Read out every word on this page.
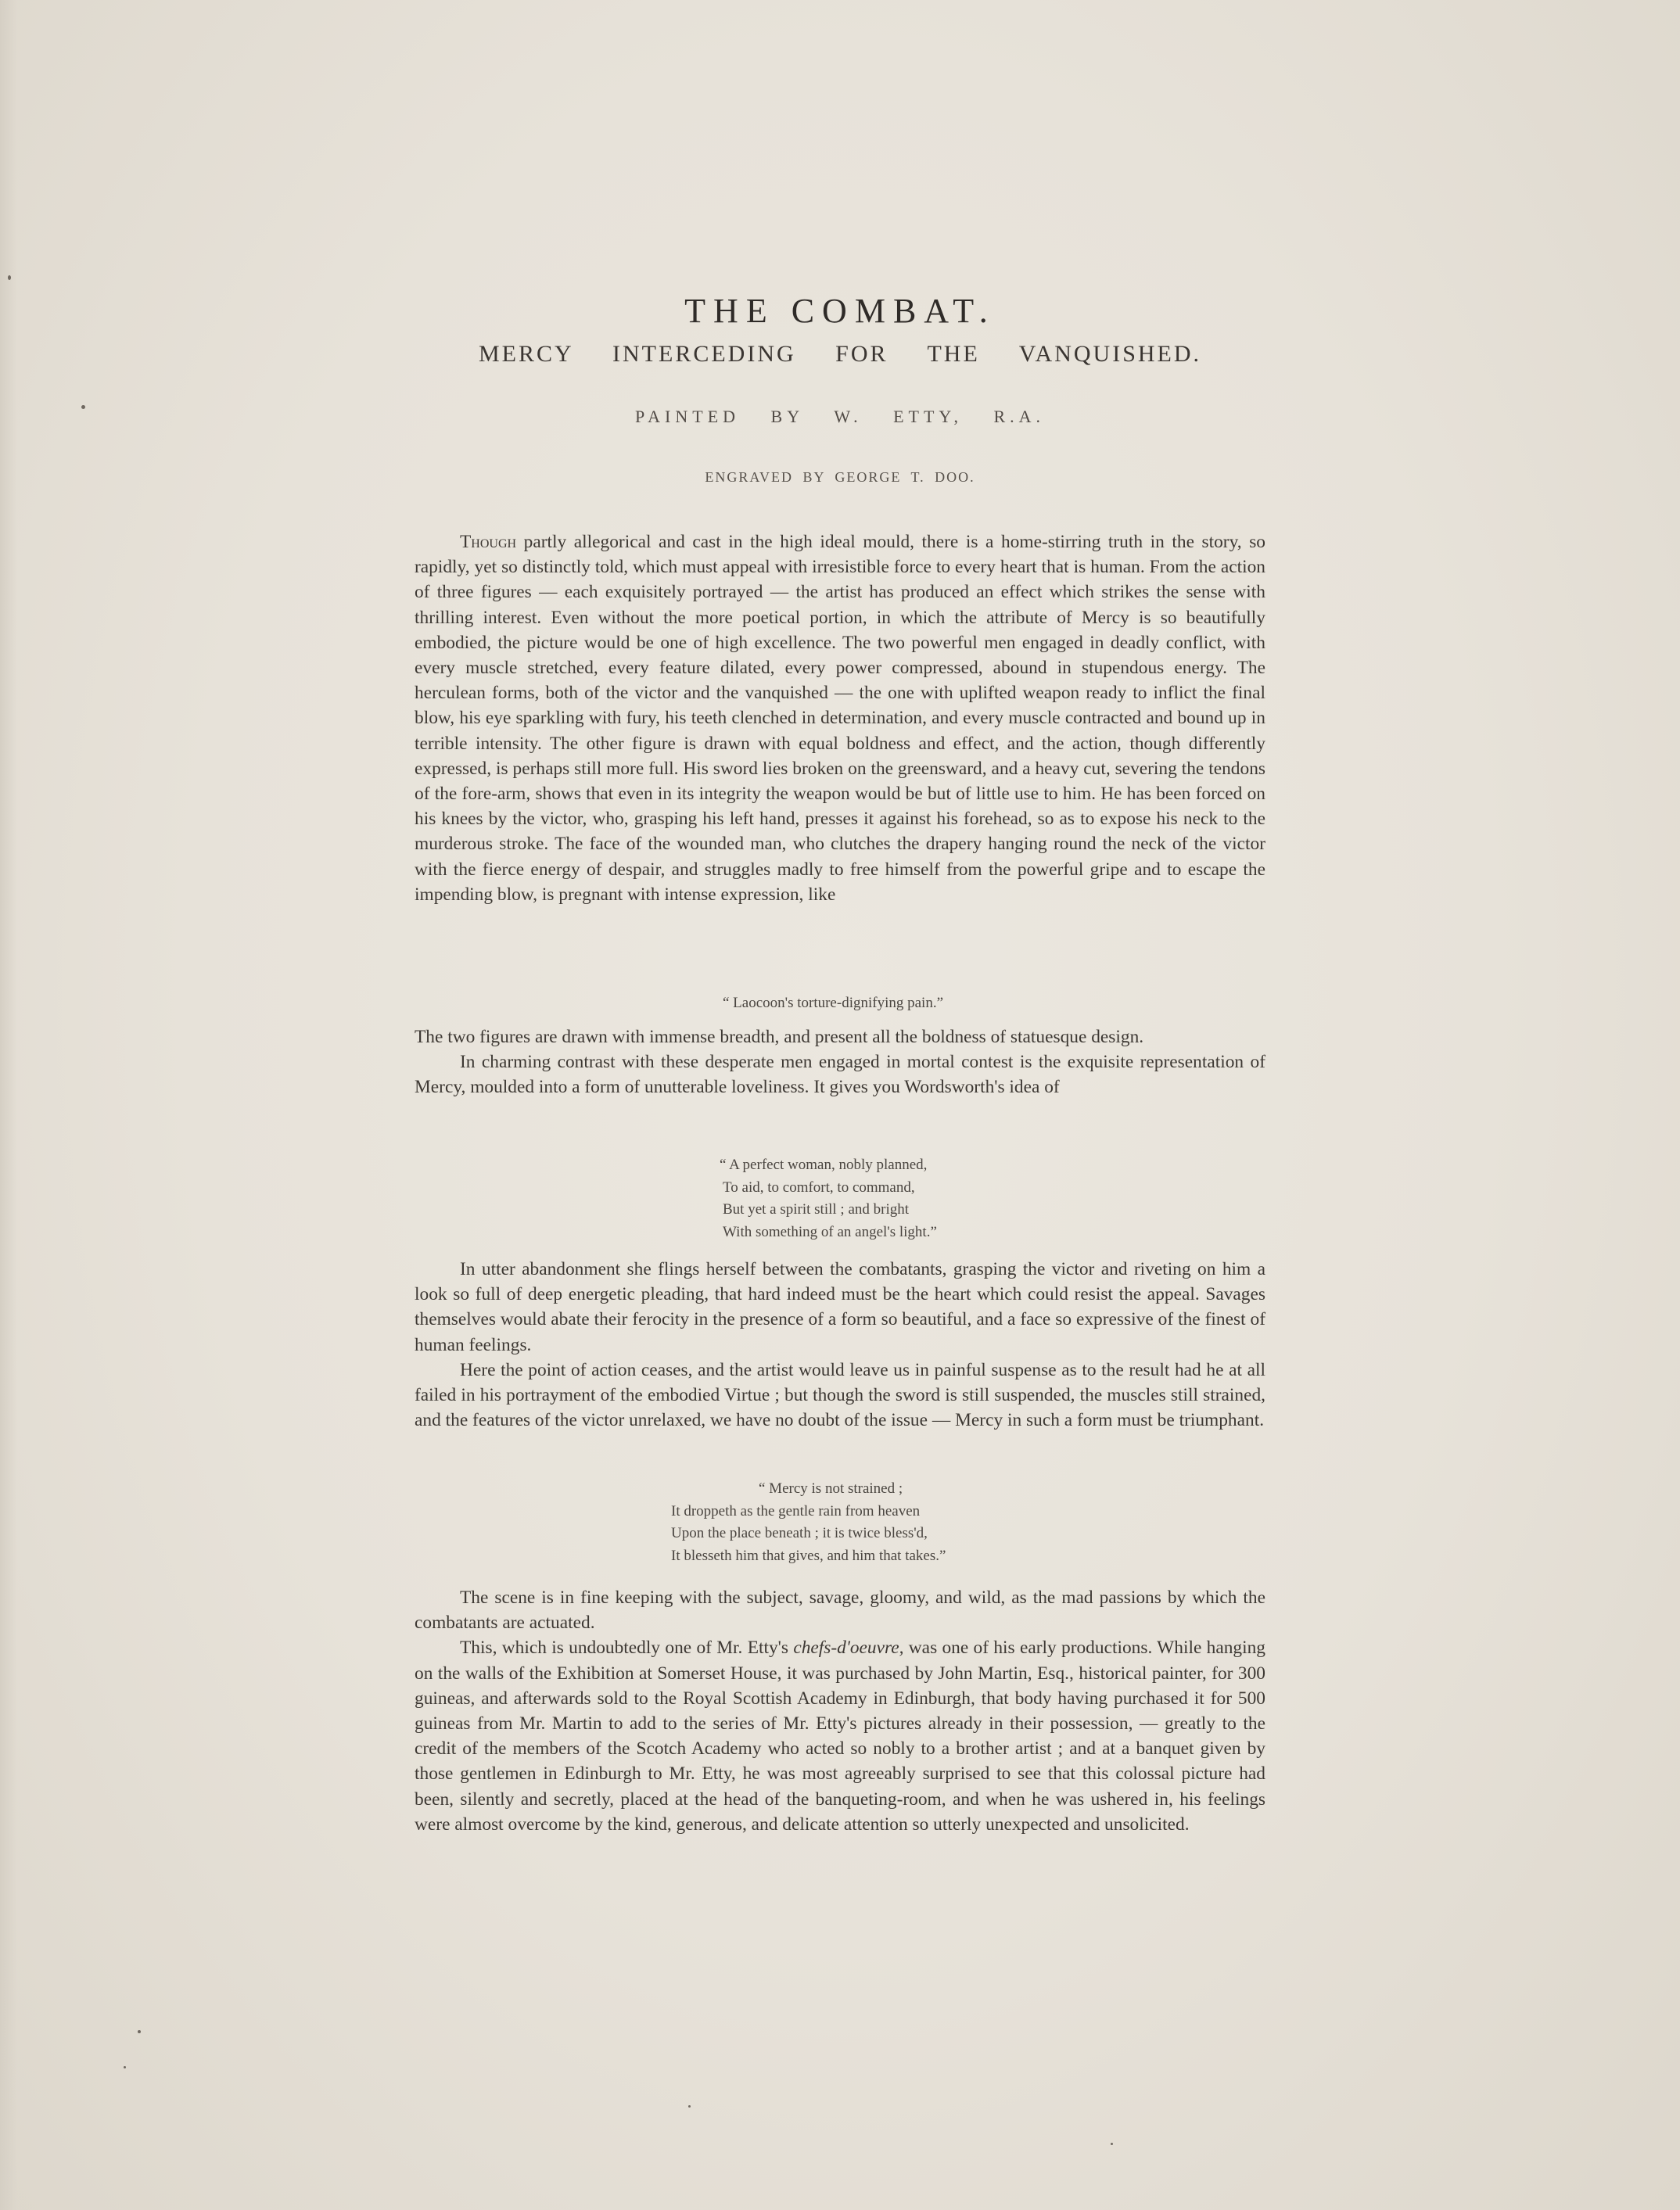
THE COMBAT.
MERCY INTERCEDING FOR THE VANQUISHED.
PAINTED BY W. ETTY, R.A.
ENGRAVED BY GEORGE T. DOO.

Though partly allegorical and cast in the high ideal mould, there is a home-stirring truth in the story, so rapidly, yet so distinctly told, which must appeal with irresistible force to every heart that is human. From the action of three figures — each exquisitely portrayed — the artist has produced an effect which strikes the sense with thrilling interest. Even without the more poetical portion, in which the attribute of Mercy is so beautifully embodied, the picture would be one of high excellence. The two powerful men engaged in deadly conflict, with every muscle stretched, every feature dilated, every power compressed, abound in stupendous energy. The herculean forms, both of the victor and the vanquished — the one with uplifted weapon ready to inflict the final blow, his eye sparkling with fury, his teeth clenched in determination, and every muscle contracted and bound up in terrible intensity. The other figure is drawn with equal boldness and effect, and the action, though differently expressed, is perhaps still more full. His sword lies broken on the greensward, and a heavy cut, severing the tendons of the fore-arm, shows that even in its integrity the weapon would be but of little use to him. He has been forced on his knees by the victor, who, grasping his left hand, presses it against his forehead, so as to expose his neck to the murderous stroke. The face of the wounded man, who clutches the drapery hanging round the neck of the victor with the fierce energy of despair, and struggles madly to free himself from the powerful gripe and to escape the impending blow, is pregnant with intense expression, like

“ Laocoon's torture-dignifying pain.”

The two figures are drawn with immense breadth, and present all the boldness of statuesque design.

In charming contrast with these desperate men engaged in mortal contest is the exquisite representation of Mercy, moulded into a form of unutterable loveliness. It gives you Wordsworth's idea of

“ A perfect woman, nobly planned,
To aid, to comfort, to command,
But yet a spirit still ; and bright
With something of an angel's light.”

In utter abandonment she flings herself between the combatants, grasping the victor and riveting on him a look so full of deep energetic pleading, that hard indeed must be the heart which could resist the appeal. Savages themselves would abate their ferocity in the presence of a form so beautiful, and a face so expressive of the finest of human feelings.

Here the point of action ceases, and the artist would leave us in painful suspense as to the result had he at all failed in his portrayment of the embodied Virtue ; but though the sword is still suspended, the muscles still strained, and the features of the victor unrelaxed, we have no doubt of the issue — Mercy in such a form must be triumphant.

“ Mercy is not strained ;
It droppeth as the gentle rain from heaven
Upon the place beneath ; it is twice bless'd,
It blesseth him that gives, and him that takes.”

The scene is in fine keeping with the subject, savage, gloomy, and wild, as the mad passions by which the combatants are actuated.

This, which is undoubtedly one of Mr. Etty's chefs-d'oeuvre, was one of his early productions. While hanging on the walls of the Exhibition at Somerset House, it was purchased by John Martin, Esq., historical painter, for 300 guineas, and afterwards sold to the Royal Scottish Academy in Edinburgh, that body having purchased it for 500 guineas from Mr. Martin to add to the series of Mr. Etty's pictures already in their possession, — greatly to the credit of the members of the Scotch Academy who acted so nobly to a brother artist ; and at a banquet given by those gentlemen in Edinburgh to Mr. Etty, he was most agreeably surprised to see that this colossal picture had been, silently and secretly, placed at the head of the banqueting-room, and when he was ushered in, his feelings were almost overcome by the kind, generous, and delicate attention so utterly unexpected and unsolicited.
